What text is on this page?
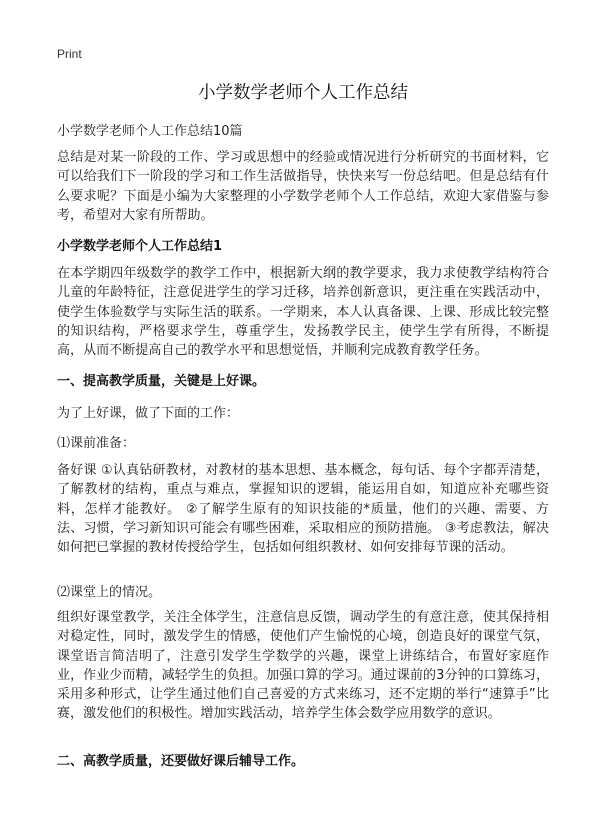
Print
小学数学老师个人工作总结
小学数学老师个人工作总结10篇
总结是对某一阶段的工作、学习或思想中的经验或情况进行分析研究的书面材料，它可以给我们下一阶段的学习和工作生活做指导，快快来写一份总结吧。但是总结有什么要求呢？下面是小编为大家整理的小学数学老师个人工作总结，欢迎大家借鉴与参考，希望对大家有所帮助。
小学数学老师个人工作总结1
在本学期四年级数学的教学工作中，根据新大纲的教学要求，我力求使教学结构符合儿童的年龄特征，注意促进学生的学习迁移，培养创新意识，更注重在实践活动中，使学生体验数学与实际生活的联系。一学期来，本人认真备课、上课、形成比较完整的知识结构，严格要求学生，尊重学生，发扬教学民主，使学生学有所得，不断提高，从而不断提高自己的教学水平和思想觉悟，并顺利完成教育教学任务。
一、提高教学质量，关键是上好课。
为了上好课，做了下面的工作：
⑴课前准备：
备好课 ①认真钻研教材，对教材的基本思想、基本概念，每句话、每个字都弄清楚，了解教材的结构，重点与难点，掌握知识的逻辑，能运用自如，知道应补充哪些资料，怎样才能教好。 ②了解学生原有的知识技能的*质量，他们的兴趣、需要、方法、习惯，学习新知识可能会有哪些困难，采取相应的预防措施。 ③考虑教法，解决如何把已掌握的教材传授给学生，包括如何组织教材、如何安排每节课的活动。
⑵课堂上的情况。
组织好课堂教学，关注全体学生，注意信息反馈，调动学生的有意注意，使其保持相对稳定性，同时，激发学生的情感，使他们产生愉悦的心境，创造良好的课堂气氛，课堂语言简洁明了，注意引发学生学数学的兴趣，课堂上讲练结合，布置好家庭作业，作业少而精，减轻学生的负担。加强口算的学习。通过课前的3分钟的口算练习，采用多种形式，让学生通过他们自己喜爱的方式来练习，还不定期的举行“速算手”比赛，激发他们的积极性。增加实践活动，培养学生体会数学应用数学的意识。
二、高教学质量，还要做好课后辅导工作。
